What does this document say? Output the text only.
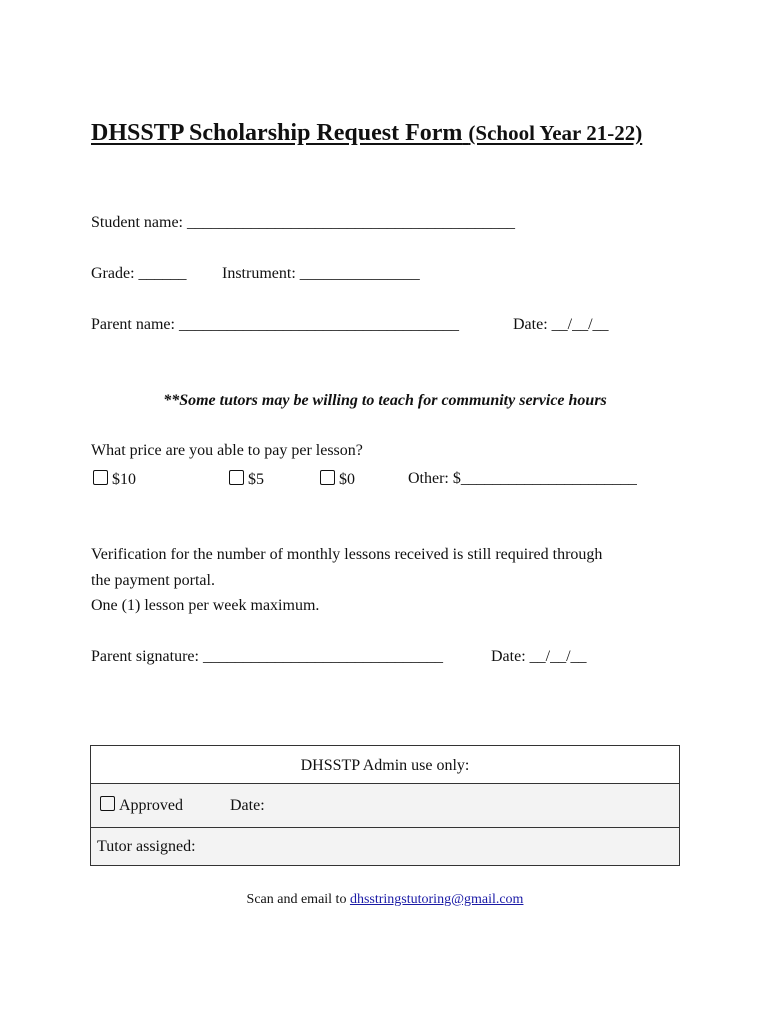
DHSSTP Scholarship Request Form (School Year 21-22)
Student name: _________________________________________
Grade: ______ Instrument: _______________
Parent name: ___________________________________	Date: __/__/__
**Some tutors may be willing to teach for community service hours
What price are you able to pay per lesson?
$10	$5	$0	Other: $______________________
Verification for the number of monthly lessons received is still required through
the payment portal.
One (1) lesson per week maximum.
Parent signature: ______________________________	Date: __/__/__
DHSSTP Admin use only:
Approved	Date:
Tutor assigned:
Scan and email to dhsstringstutoring@gmail.com
